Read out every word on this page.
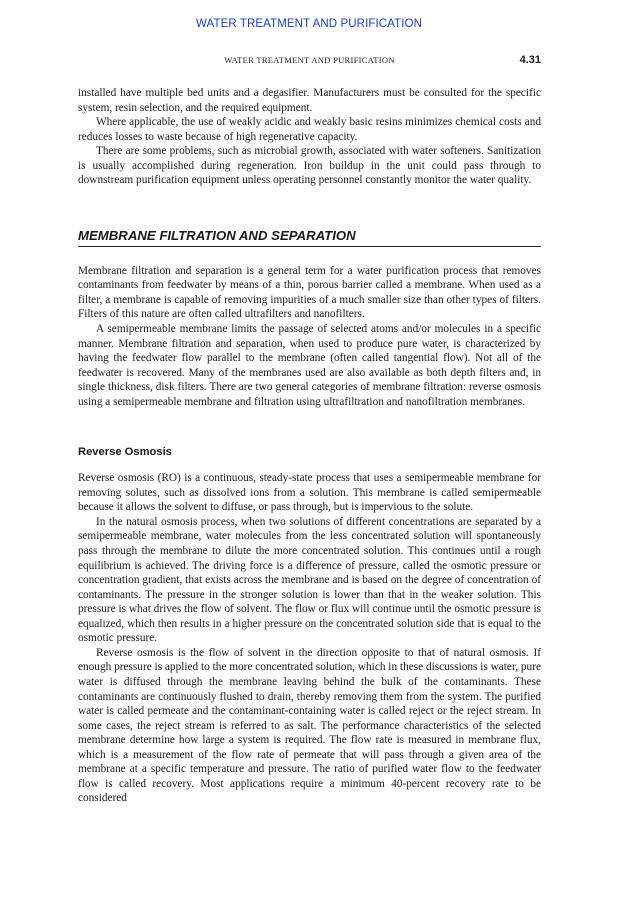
WATER TREATMENT AND PURIFICATION
WATER TREATMENT AND PURIFICATION	4.31

installed have multiple bed units and a degasifier. Manufacturers must be consulted for the specific system, resin selection, and the required equipment.

Where applicable, the use of weakly acidic and weakly basic resins minimizes chemical costs and reduces losses to waste because of high regenerative capacity.

There are some problems, such as microbial growth, associated with water softeners. Sanitization is usually accomplished during regeneration. Iron buildup in the unit could pass through to downstream purification equipment unless operating personnel constantly monitor the water quality.

MEMBRANE FILTRATION AND SEPARATION

Membrane filtration and separation is a general term for a water purification process that removes contaminants from feedwater by means of a thin, porous barrier called a membrane. When used as a filter, a membrane is capable of removing impurities of a much smaller size than other types of filters. Filters of this nature are often called ultrafilters and nanofilters.

A semipermeable membrane limits the passage of selected atoms and/or molecules in a specific manner. Membrane filtration and separation, when used to produce pure water, is characterized by having the feedwater flow parallel to the membrane (often called tangential flow). Not all of the feedwater is recovered. Many of the membranes used are also available as both depth filters and, in single thickness, disk filters. There are two general categories of membrane filtration: reverse osmosis using a semipermeable membrane and filtration using ultrafiltration and nanofiltration membranes.

Reverse Osmosis

Reverse osmosis (RO) is a continuous, steady-state process that uses a semipermeable membrane for removing solutes, such as dissolved ions from a solution. This membrane is called semipermeable because it allows the solvent to diffuse, or pass through, but is impervious to the solute.

In the natural osmosis process, when two solutions of different concentrations are separated by a semipermeable membrane, water molecules from the less concentrated solution will spontaneously pass through the membrane to dilute the more concentrated solution. This continues until a rough equilibrium is achieved. The driving force is a difference of pressure, called the osmotic pressure or concentration gradient, that exists across the membrane and is based on the degree of concentration of contaminants. The pressure in the stronger solution is lower than that in the weaker solution. This pressure is what drives the flow of solvent. The flow or flux will continue until the osmotic pressure is equalized, which then results in a higher pressure on the concentrated solution side that is equal to the osmotic pressure.

Reverse osmosis is the flow of solvent in the direction opposite to that of natural osmosis. If enough pressure is applied to the more concentrated solution, which in these discussions is water, pure water is diffused through the membrane leaving behind the bulk of the contaminants. These contaminants are continuously flushed to drain, thereby removing them from the system. The purified water is called permeate and the contaminant-containing water is called reject or the reject stream. In some cases, the reject stream is referred to as salt. The performance characteristics of the selected membrane determine how large a system is required. The flow rate is measured in membrane flux, which is a measurement of the flow rate of permeate that will pass through a given area of the membrane at a specific temperature and pressure. The ratio of purified water flow to the feedwater flow is called recovery. Most applications require a minimum 40-percent recovery rate to be considered
